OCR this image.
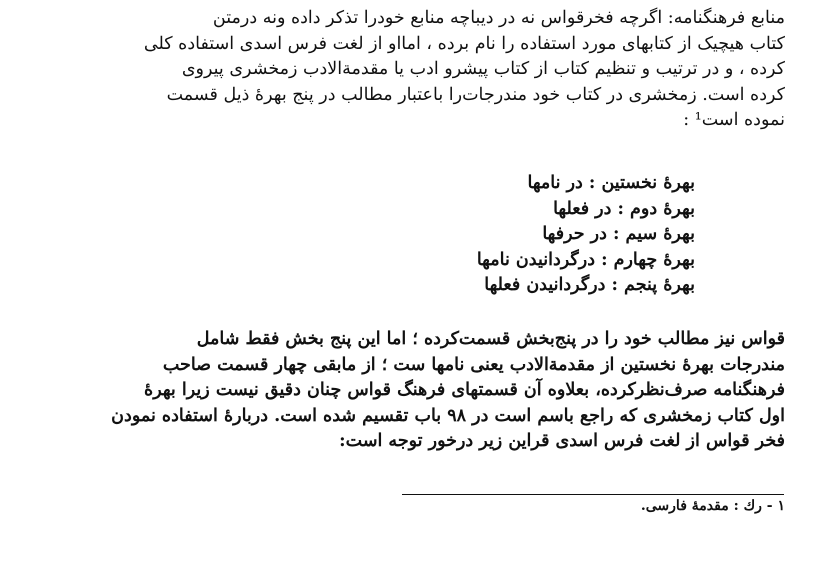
منابع فرهنگنامه: اگرچه فخرقواس نه در دیباچه منابع خودرا تذکر داده ونه درمتن
کتاب هیچیک از کتابهای مورد استفاده را نام برده ، امااو از لغت فرس اسدی استفاده کلی
کرده ، و در ترتیب و تنظیم کتاب از کتاب پیشرو ادب یا مقدمةالادب زمخشری پیروی
کرده است. زمخشری در کتاب خود مندرجات‌را باعتبار مطالب در پنج بهرهٔ ذیل قسمت
نموده است¹ :
بهرهٔ نخستین : در نامها
بهرهٔ دوم : در فعلها
بهرهٔ سیم : در حرفها
بهرهٔ چهارم : درگردانیدن نامها
بهرهٔ پنجم : درگردانیدن فعلها
قواس نیز مطالب خود را در پنج‌بخش قسمت‌کرده ؛ اما این پنج بخش فقط شامل
مندرجات بهرهٔ نخستین از مقدمةالادب یعنی نامها ست ؛ از مابقی چهار قسمت صاحب
فرهنگنامه صرف‌نظرکرده، بعلاوه آن قسمتهای فرهنگ قواس چنان دقیق نیست زیرا بهرهٔ
اول کتاب زمخشری که راجع باسم است در ۹۸ باب تقسیم شده است. دربارهٔ استفاده نمودن
فخر قواس از لغت فرس اسدی قراین زیر درخور توجه است:
۱ - رك : مقدمهٔ فارسی.
